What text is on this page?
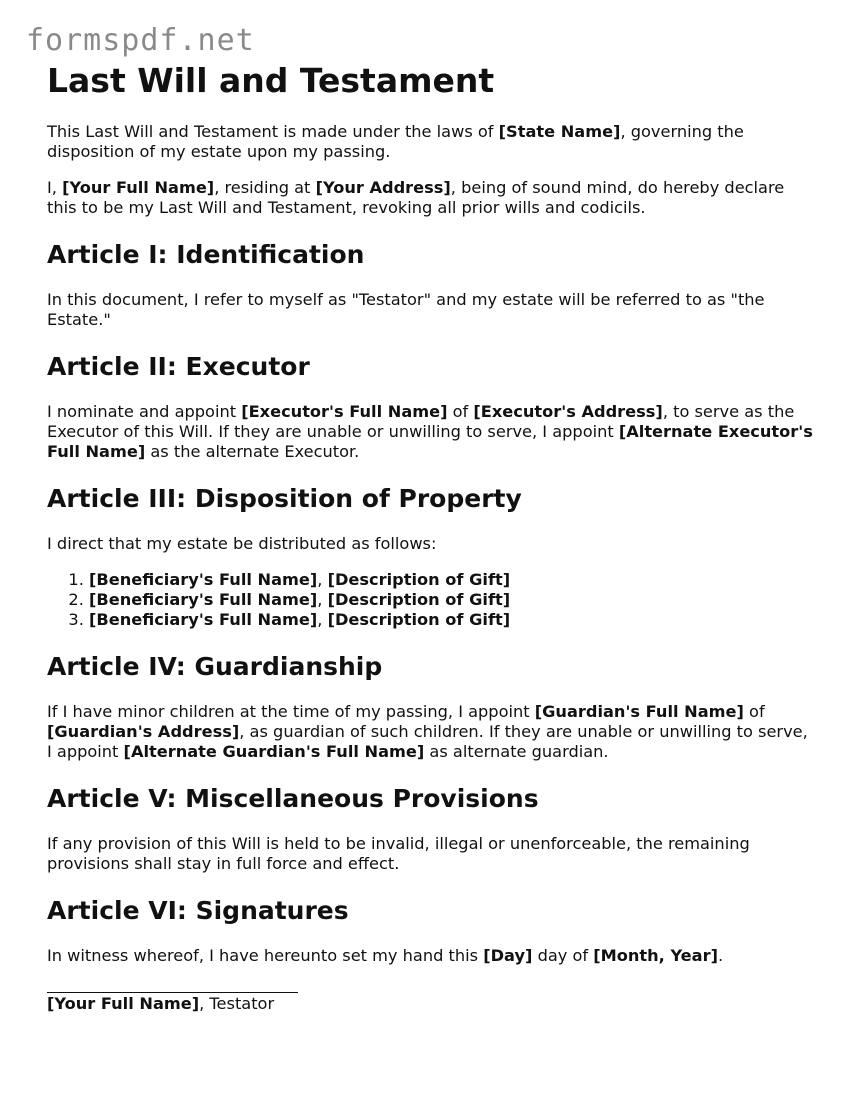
formspdf.net
Last Will and Testament

This Last Will and Testament is made under the laws of [State Name], governing the disposition of my estate upon my passing.

I, [Your Full Name], residing at [Your Address], being of sound mind, do hereby declare this to be my Last Will and Testament, revoking all prior wills and codicils.

Article I: Identification

In this document, I refer to myself as "Testator" and my estate will be referred to as "the Estate."

Article II: Executor

I nominate and appoint [Executor's Full Name] of [Executor's Address], to serve as the Executor of this Will. If they are unable or unwilling to serve, I appoint [Alternate Executor's Full Name] as the alternate Executor.

Article III: Disposition of Property

I direct that my estate be distributed as follows:

1. [Beneficiary's Full Name], [Description of Gift]
2. [Beneficiary's Full Name], [Description of Gift]
3. [Beneficiary's Full Name], [Description of Gift]
Article IV: Guardianship

If I have minor children at the time of my passing, I appoint [Guardian's Full Name] of [Guardian's Address], as guardian of such children. If they are unable or unwilling to serve, I appoint [Alternate Guardian's Full Name] as alternate guardian.

Article V: Miscellaneous Provisions

If any provision of this Will is held to be invalid, illegal or unenforceable, the remaining provisions shall stay in full force and effect.

Article VI: Signatures

In witness whereof, I have hereunto set my hand this [Day] day of [Month, Year].

[Your Full Name], Testator
